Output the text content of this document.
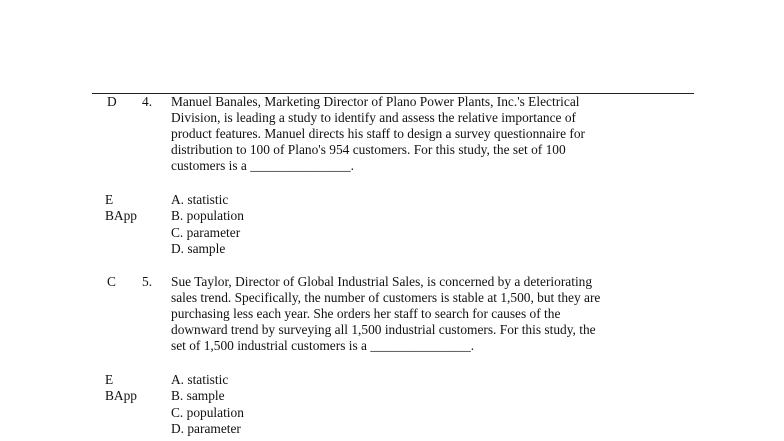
D 4. Manuel Banales, Marketing Director of Plano Power Plants, Inc.'s Electrical
Division, is leading a study to identify and assess the relative importance of
product features. Manuel directs his staff to design a survey questionnaire for
distribution to 100 of Plano's 954 customers. For this study, the set of 100
customers is a _______________.
E
BApp
A. statistic
B. population
C. parameter
D. sample
C 5. Sue Taylor, Director of Global Industrial Sales, is concerned by a deteriorating
sales trend. Specifically, the number of customers is stable at 1,500, but they are
purchasing less each year. She orders her staff to search for causes of the
downward trend by surveying all 1,500 industrial customers. For this study, the
set of 1,500 industrial customers is a _______________.
E
BApp
A. statistic
B. sample
C. population
D. parameter
